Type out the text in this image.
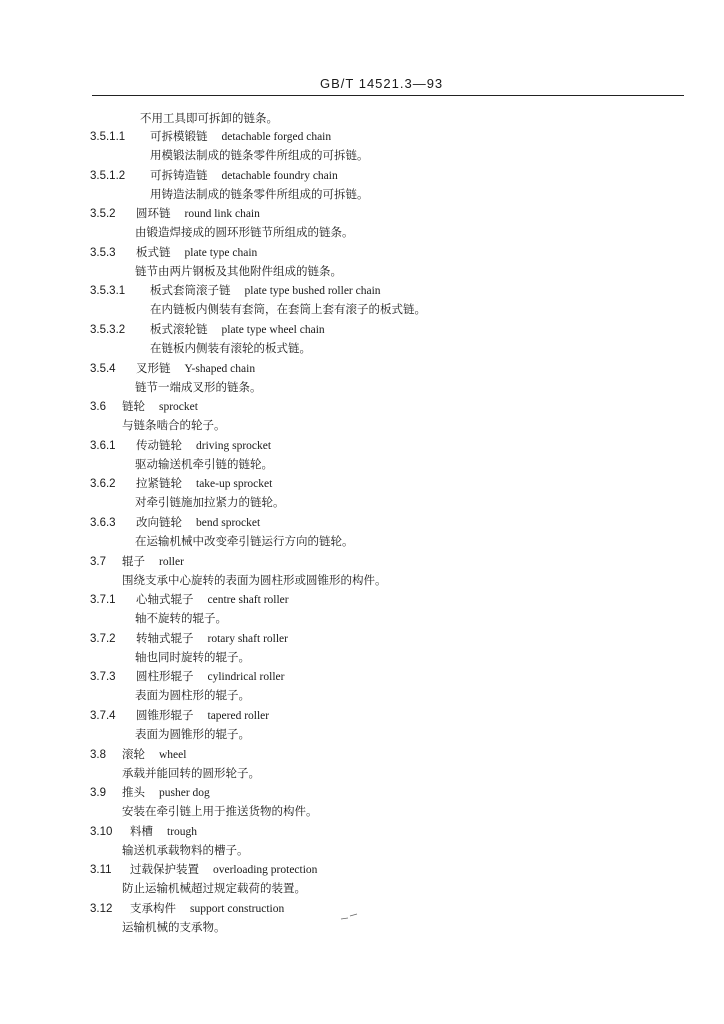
GB/T 14521.3—93
不用工具即可拆卸的链条。
3.5.1.1 可拆模锻链 detachable forged chain
用模锻法制成的链条零件所组成的可拆链。
3.5.1.2 可拆铸造链 detachable foundry chain
用铸造法制成的链条零件所组成的可拆链。
3.5.2 圆环链 round link chain
由锻造焊接成的圆环形链节所组成的链条。
3.5.3 板式链 plate type chain
链节由两片钢板及其他附件组成的链条。
3.5.3.1 板式套筒滚子链 plate type bushed roller chain
在内链板内侧装有套筒，在套筒上套有滚子的板式链。
3.5.3.2 板式滚轮链 plate type wheel chain
在链板内侧装有滚轮的板式链。
3.5.4 叉形链 Y-shaped chain
链节一端成叉形的链条。
3.6 链轮 sprocket
与链条啮合的轮子。
3.6.1 传动链轮 driving sprocket
驱动输送机牵引链的链轮。
3.6.2 拉紧链轮 take-up sprocket
对牵引链施加拉紧力的链轮。
3.6.3 改向链轮 bend sprocket
在运输机械中改变牵引链运行方向的链轮。
3.7 辊子 roller
围绕支承中心旋转的表面为圆柱形或圆锥形的构件。
3.7.1 心轴式辊子 centre shaft roller
轴不旋转的辊子。
3.7.2 转轴式辊子 rotary shaft roller
轴也同时旋转的辊子。
3.7.3 圆柱形辊子 cylindrical roller
表面为圆柱形的辊子。
3.7.4 圆锥形辊子 tapered roller
表面为圆锥形的辊子。
3.8 滚轮 wheel
承载并能回转的圆形轮子。
3.9 推头 pusher dog
安装在牵引链上用于推送货物的构件。
3.10 料槽 trough
输送机承载物料的槽子。
3.11 过载保护装置 overloading protection
防止运输机械超过规定载荷的装置。
3.12 支承构件 support construction
运输机械的支承物。
